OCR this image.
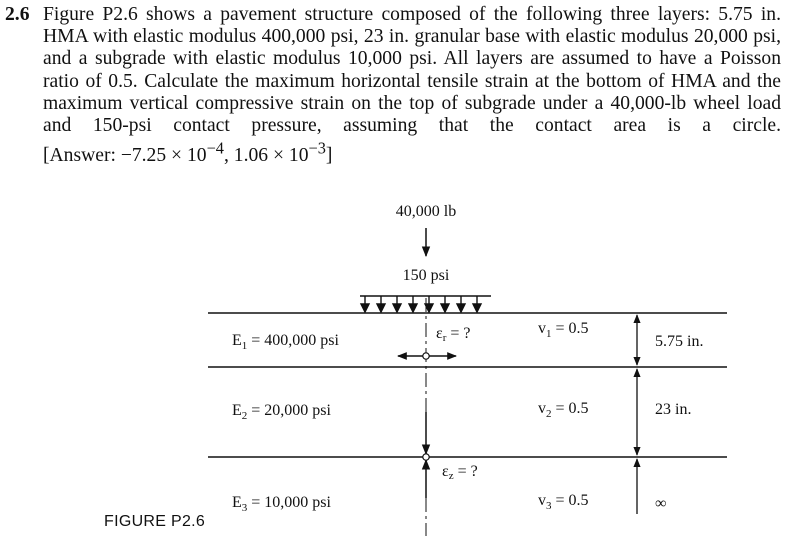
2.6 Figure P2.6 shows a pavement structure composed of the following three layers: 5.75 in. HMA with elastic modulus 400,000 psi, 23 in. granular base with elastic modulus 20,000 psi, and a subgrade with elastic modulus 10,000 psi. All layers are assumed to have a Poisson ratio of 0.5. Calculate the maximum horizontal tensile strain at the bottom of HMA and the maximum vertical compressive strain on the top of subgrade under a 40,000-lb wheel load and 150-psi contact pressure, assuming that the contact area is a circle. [Answer: $-7.25 \times 10^{-4}$, $1.06 \times 10^{-3}$]
40,000 lb
150 psi
εr = ?
εz = ?
$E_1 = 400,000$ psi
$v_1 = 0.5$
$E_2 = 20,000$ psi	$v_2 = 0.5$
$E_3 = 10,000$ psi	$v_3 = 0.5$
5.75 in.
23 in.
∞
FIGURE P2.6
